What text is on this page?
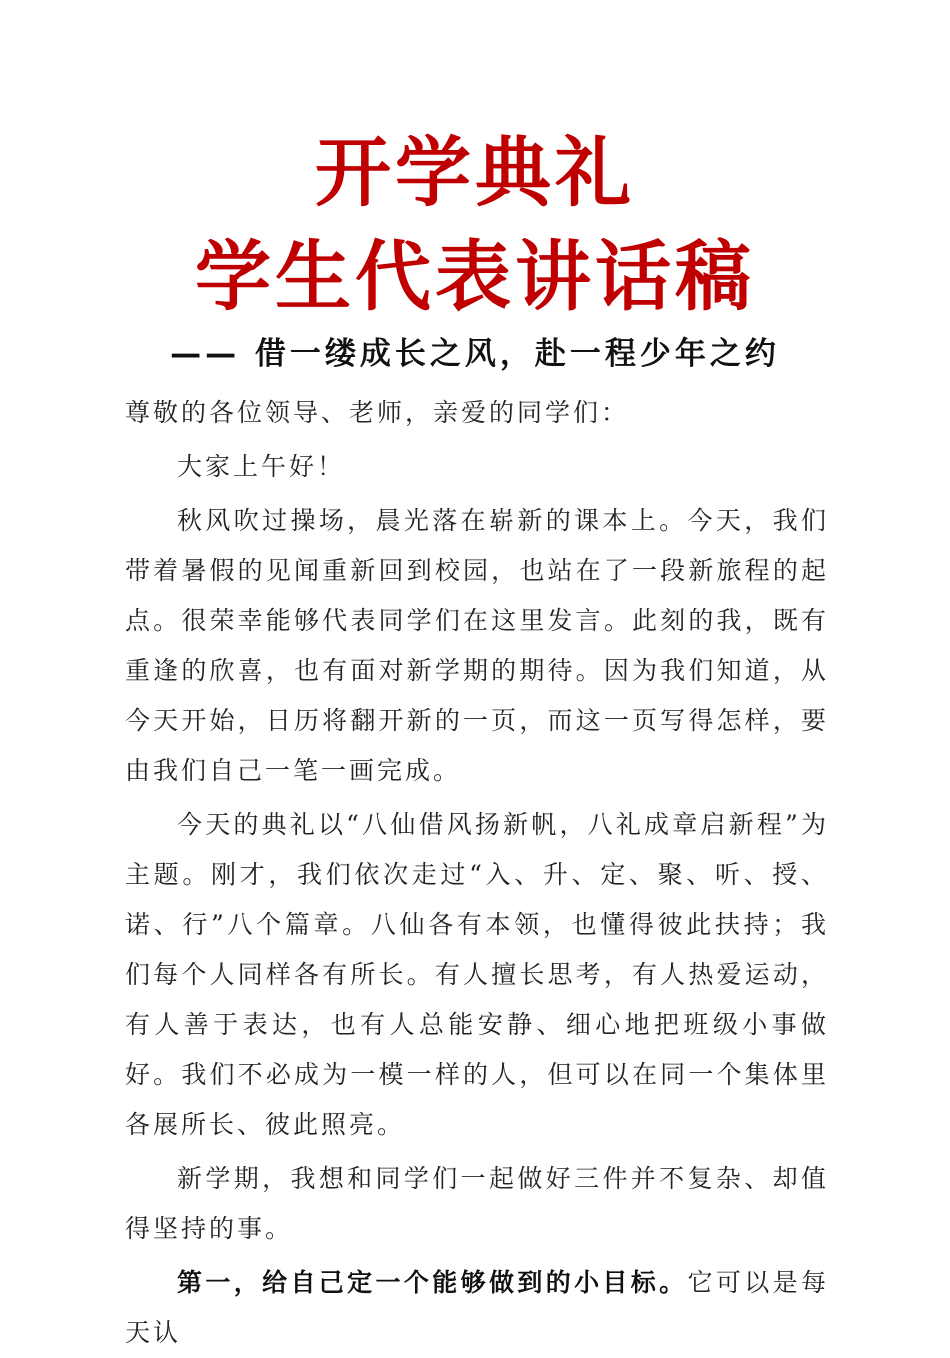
开学典礼
学生代表讲话稿
—— 借一缕成长之风，赴一程少年之约

尊敬的各位领导、老师，亲爱的同学们：

大家上午好！

秋风吹过操场，晨光落在崭新的课本上。今天，我们带着暑假的见闻重新回到校园，也站在了一段新旅程的起点。很荣幸能够代表同学们在这里发言。此刻的我，既有重逢的欣喜，也有面对新学期的期待。因为我们知道，从今天开始，日历将翻开新的一页，而这一页写得怎样，要由我们自己一笔一画完成。

今天的典礼以“八仙借风扬新帆，八礼成章启新程”为主题。刚才，我们依次走过“入、升、定、聚、听、授、诺、行”八个篇章。八仙各有本领，也懂得彼此扶持；我们每个人同样各有所长。有人擅长思考，有人热爱运动，有人善于表达，也有人总能安静、细心地把班级小事做好。我们不必成为一模一样的人，但可以在同一个集体里各展所长、彼此照亮。

新学期，我想和同学们一起做好三件并不复杂、却值得坚持的事。

第一，给自己定一个能够做到的小目标。它可以是每天认
